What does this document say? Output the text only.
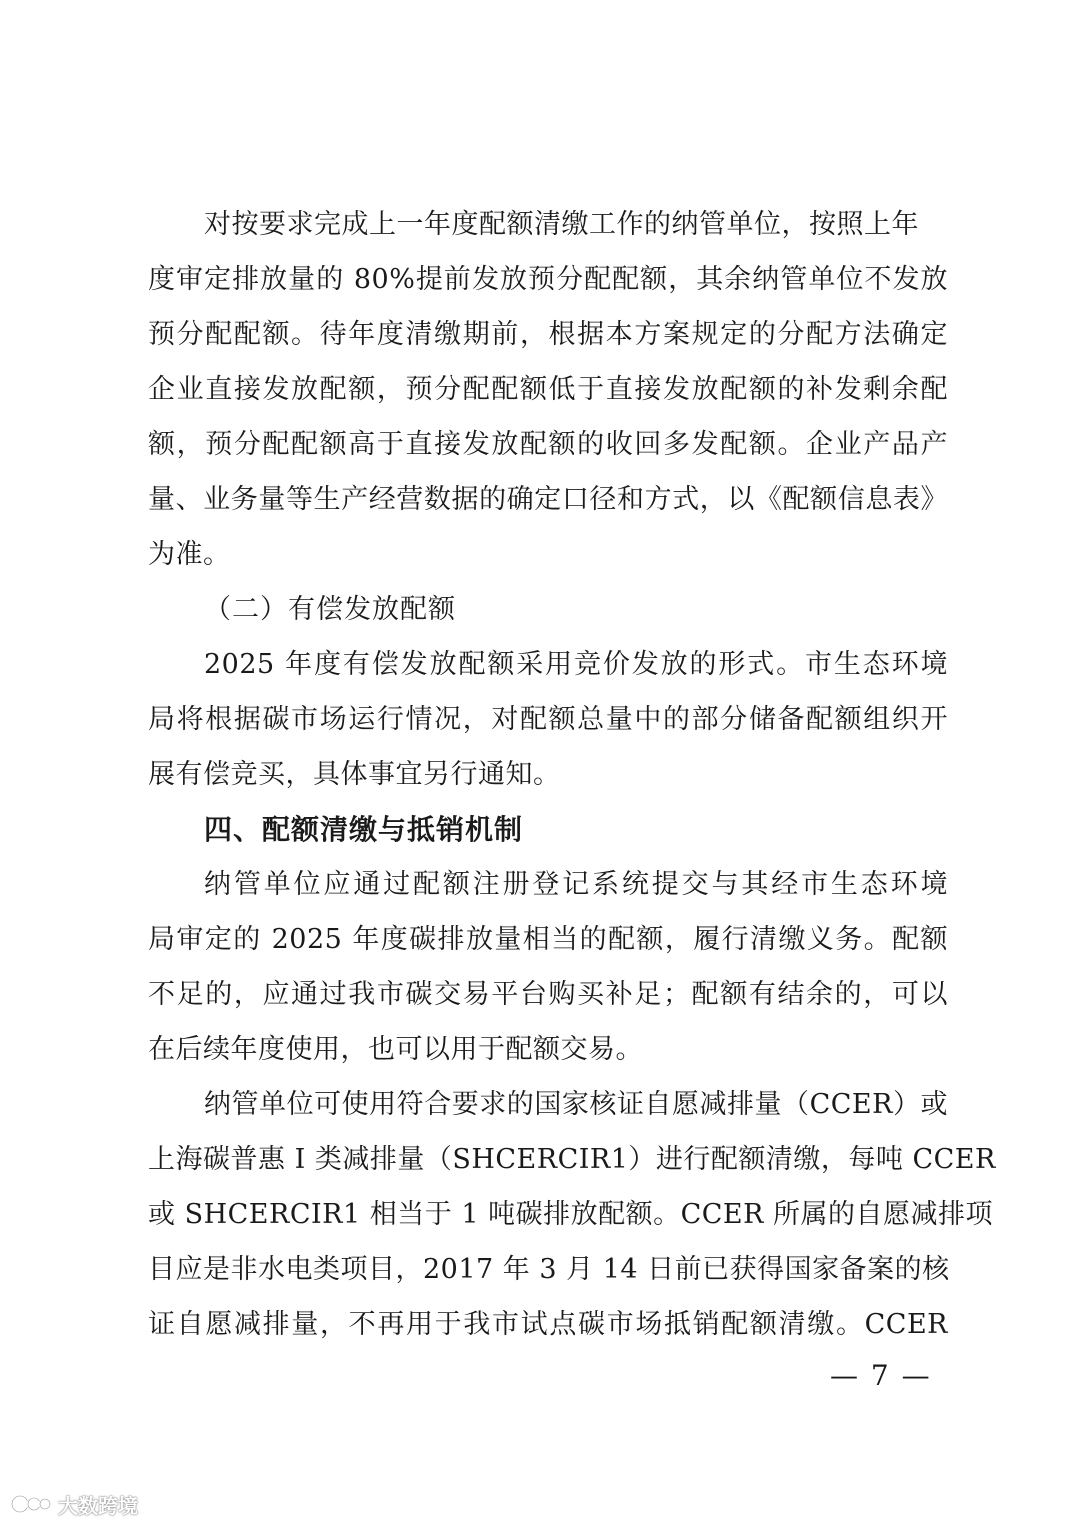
对按要求完成上一年度配额清缴工作的纳管单位，按照上年
度审定排放量的 80%提前发放预分配配额，其余纳管单位不发放
预分配配额。待年度清缴期前，根据本方案规定的分配方法确定
企业直接发放配额，预分配配额低于直接发放配额的补发剩余配
额，预分配配额高于直接发放配额的收回多发配额。企业产品产
量、业务量等生产经营数据的确定口径和方式，以《配额信息表》
为准。
（二）有偿发放配额
2025 年度有偿发放配额采用竞价发放的形式。市生态环境
局将根据碳市场运行情况，对配额总量中的部分储备配额组织开
展有偿竞买，具体事宜另行通知。
四、配额清缴与抵销机制
纳管单位应通过配额注册登记系统提交与其经市生态环境
局审定的 2025 年度碳排放量相当的配额，履行清缴义务。配额
不足的，应通过我市碳交易平台购买补足；配额有结余的，可以
在后续年度使用，也可以用于配额交易。
纳管单位可使用符合要求的国家核证自愿减排量（CCER）或
上海碳普惠 I 类减排量（SHCERCIR1）进行配额清缴，每吨 CCER
或 SHCERCIR1 相当于 1 吨碳排放配额。CCER 所属的自愿减排项
目应是非水电类项目，2017 年 3 月 14 日前已获得国家备案的核
证自愿减排量，不再用于我市试点碳市场抵销配额清缴。CCER
— 7 —
大数跨境
